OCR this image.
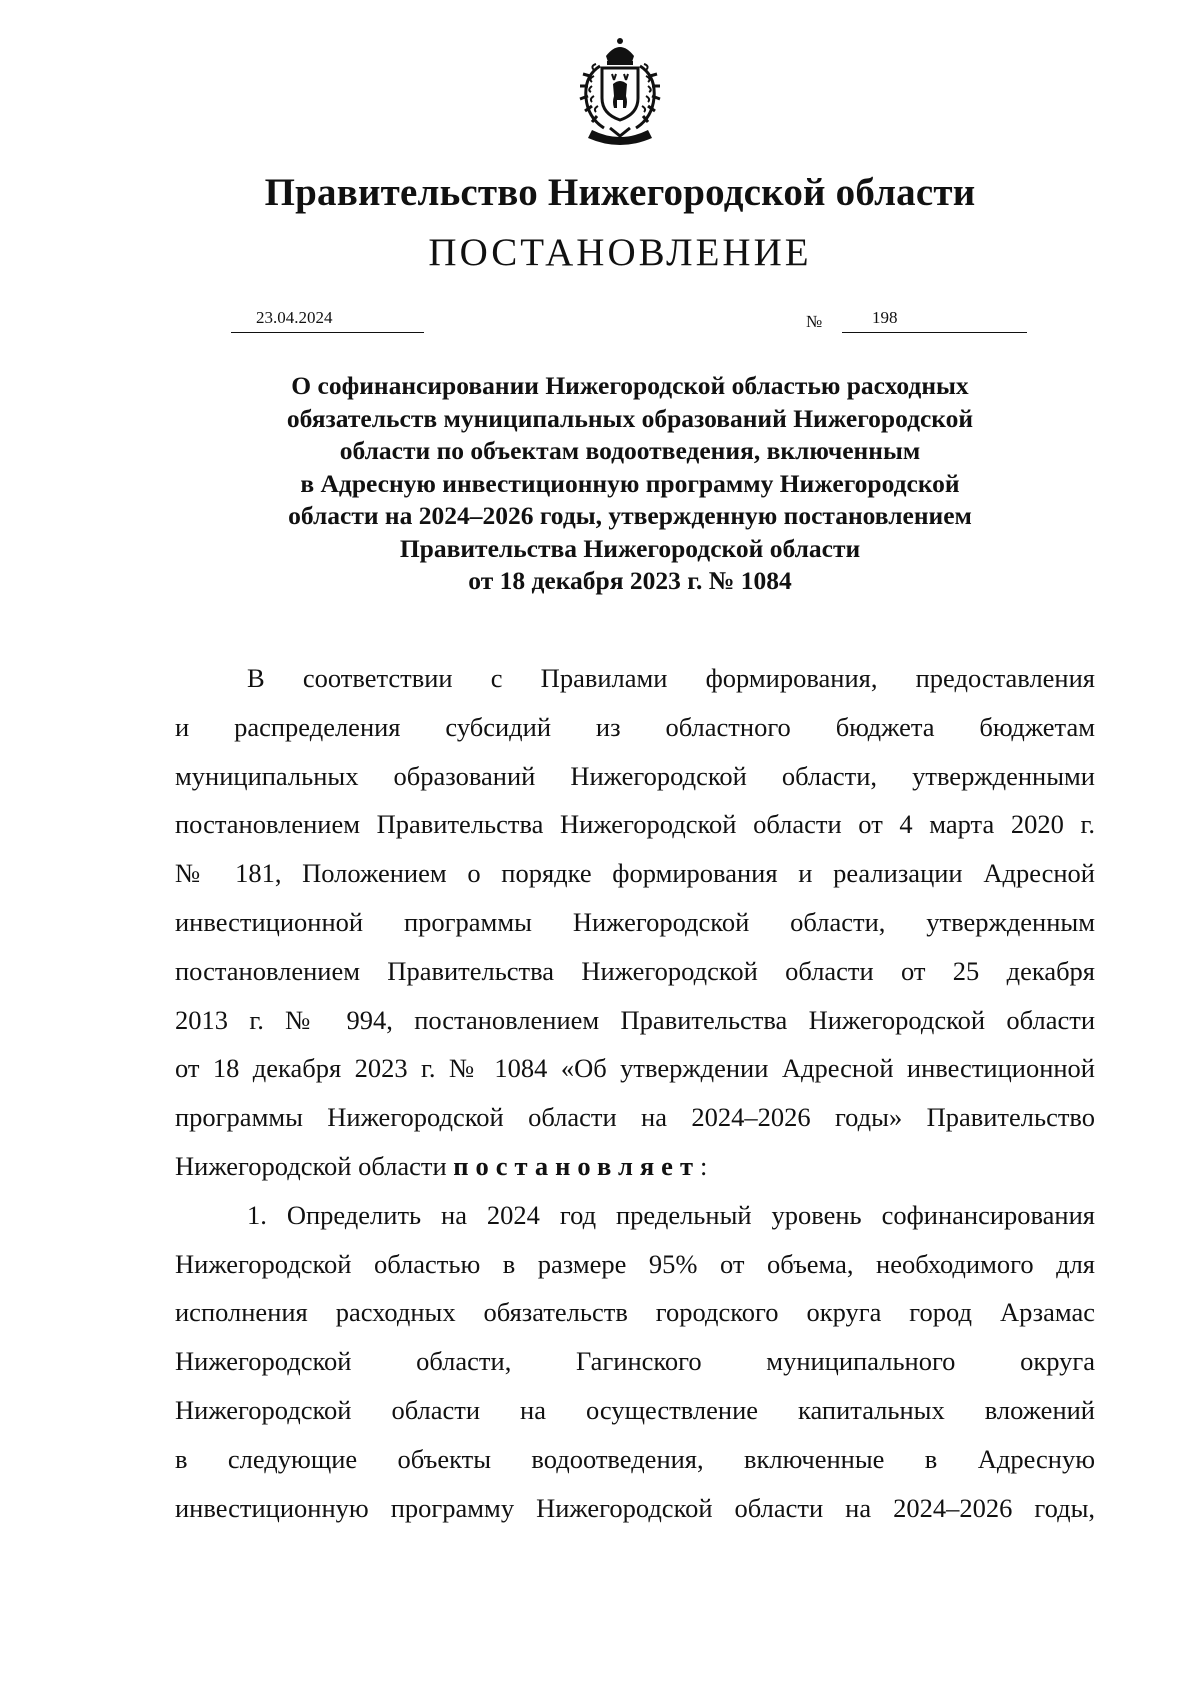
Правительство Нижегородской области
ПОСТАНОВЛЕНИЕ
23.04.2024	№	198
О софинансировании Нижегородской областью расходных
обязательств муниципальных образований Нижегородской
области по объектам водоотведения, включенным
в Адресную инвестиционную программу Нижегородской
области на 2024–2026 годы, утвержденную постановлением
Правительства Нижегородской области
от 18 декабря 2023 г. № 1084
В соответствии с Правилами формирования, предоставления
и распределения субсидий из областного бюджета бюджетам
муниципальных образований Нижегородской области, утвержденными
постановлением Правительства Нижегородской области от 4 марта 2020 г.
№ 181, Положением о порядке формирования и реализации Адресной
инвестиционной программы Нижегородской области, утвержденным
постановлением Правительства Нижегородской области от 25 декабря
2013 г. № 994, постановлением Правительства Нижегородской области
от 18 декабря 2023 г. № 1084 «Об утверждении Адресной инвестиционной
программы Нижегородской области на 2024–2026 годы» Правительство
Нижегородской области постановляет:
1. Определить на 2024 год предельный уровень софинансирования
Нижегородской областью в размере 95% от объема, необходимого для
исполнения расходных обязательств городского округа город Арзамас
Нижегородской области, Гагинского муниципального округа
Нижегородской области на осуществление капитальных вложений
в следующие объекты водоотведения, включенные в Адресную
инвестиционную программу Нижегородской области на 2024–2026 годы,
